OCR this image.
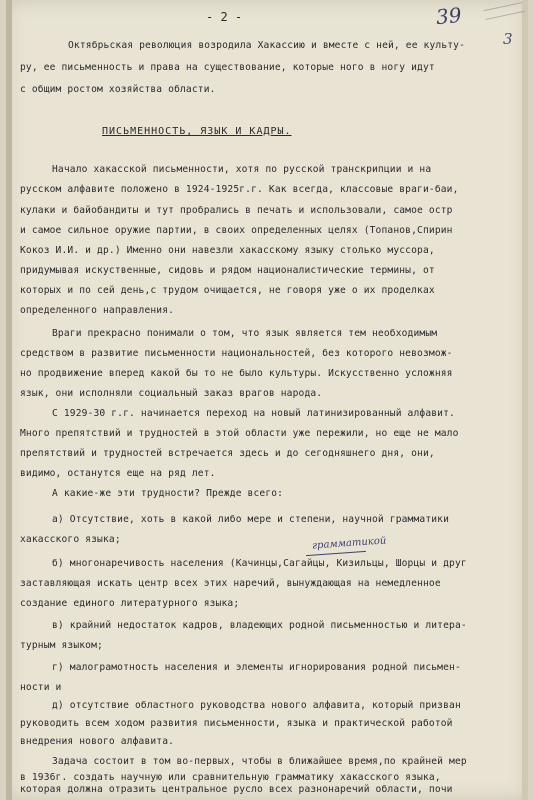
- 2 -	39
3
Октябрьская революция возродила Хакассию и вместе с ней, ее культу-
ру, ее письменность и права на существование, которые ного в ногу идут
с общим ростом хозяйства области.
ПИСЬМЕННОСТЬ, ЯЗЫК И КАДРЫ.
Начало хакасской письменности, хотя по русской транскрипции и на
русском алфавите положено в 1924-1925г.г. Как всегда, классовые враги-баи,
кулаки и байобандиты и тут пробрались в печать и использовали, самое остр
и самое сильное оружие партии, в своих определенных целях (Топанов,Спирин
Кокоз И.И. и др.) Именно они навезли хакасскому языку столько муссора,
придумывая искуственные, сидовь и рядом националистические термины, от
которых и по сей день,с трудом очищается, не говоря уже о их проделках
определенного направления.
Враги прекрасно понимали о том, что язык является тем необходимым
средством в развитие письменности национальностей, без которого невозмож-
но продвижение вперед какой бы то не было культуры. Искусственно усложняя
язык, они исполняли социальный заказ врагов народа.
С 1929-30 г.г. начинается переход на новый латинизированный алфавит.
Много препятствий и трудностей в этой области уже пережили, но еще не мало
препятствий и трудностей встречается здесь и до сегодняшнего дня, они,
видимо, останутся еще на ряд лет.
А какие-же эти трудности? Прежде всего:
а) Отсутствие, хоть в какой либо мере и степени, научной грамматики
хакасского языка;
б) многонаречивость населения (Качинцы,Сагайцы, Кизильцы, Шорцы и друг
заставляющая искать центр всех этих наречий, вынуждающая на немедленное
создание единого литературного языка;
грамматикой
в) крайний недостаток кадров, владеющих родной письменностью и литера-
турным языком;
г) малограмотность населения и элементы игнорирования родной письмен-
ности и
д) отсутствие областного руководства нового алфавита, который призван
руководить всем ходом развития письменности, языка и практической работой
внедрения нового алфавита.
Задача состоит в том во-первых, чтобы в ближайшее время,по крайней мер
в 1936г. создать научную или сравнительную грамматику хакасского языка,
которая должна отразить центральное русло всех разнонаречий области, почи
